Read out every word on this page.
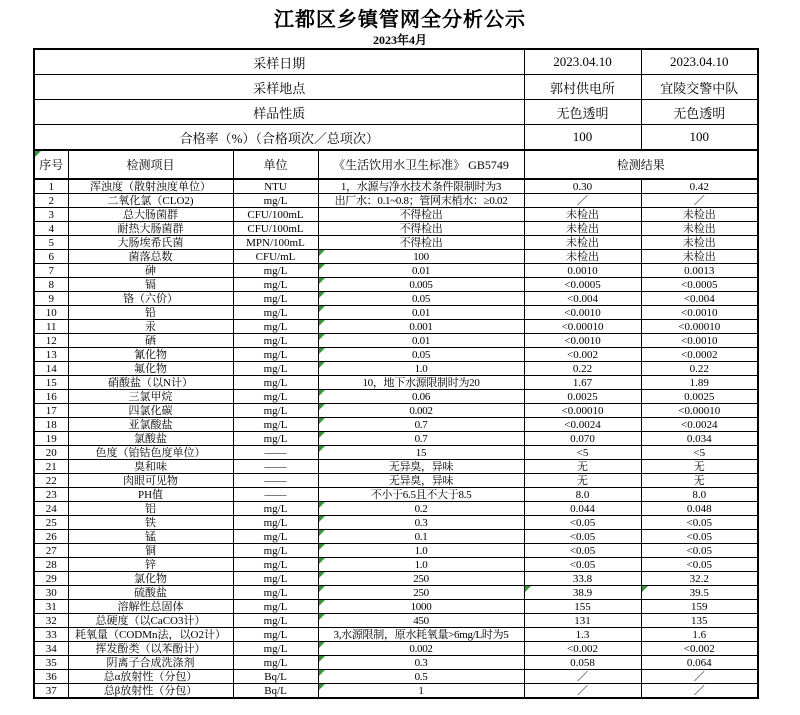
江都区乡镇管网全分析公示
2023年4月
采样日期				2023.04.10	2023.04.10
采样地点				郭村供电所	宜陵交警中队
样品性质				无色透明	无色透明
合格率（%）（合格项次／总项次）				100	100

序号	检测项目	单位	《生活饮用水卫生标准》 GB5749	检测结果	
1	浑浊度（散射浊度单位）	NTU	1，水源与净水技术条件限制时为3	0.30	0.42
2	二氧化氯（CLO2)	mg/L	出厂水：0.1~0.8；管网末梢水：≥0.02	／	／
3	总大肠菌群	CFU/100mL	不得检出	未检出	未检出
4	耐热大肠菌群	CFU/100mL	不得检出	未检出	未检出
5	大肠埃希氏菌	MPN/100mL	不得检出	未检出	未检出
6	菌落总数	CFU/mL	100	未检出	未检出
7	砷	mg/L	0.01	0.0010	0.0013
8	镉	mg/L	0.005	<0.0005	<0.0005
9	铬（六价）	mg/L	0.05	<0.004	<0.004
10	铅	mg/L	0.01	<0.0010	<0.0010
11	汞	mg/L	0.001	<0.00010	<0.00010
12	硒	mg/L	0.01	<0.0010	<0.0010
13	氰化物	mg/L	0.05	<0.002	<0.0002
14	氟化物	mg/L	1.0	0.22	0.22
15	硝酸盐（以N计）	mg/L	10，地下水源限制时为20	1.67	1.89
16	三氯甲烷	mg/L	0.06	0.0025	0.0025
17	四氯化碳	mg/L	0.002	<0.00010	<0.00010
18	亚氯酸盐	mg/L	0.7	<0.0024	<0.0024
19	氯酸盐	mg/L	0.7	0.070	0.034
20	色度（铂钴色度单位）	——	15	<5	<5
21	臭和味	——	无异臭，异味	无	无
22	肉眼可见物	——	无异臭，异味	无	无
23	PH值	——	不小于6.5且不大于8.5	8.0	8.0
24	铝	mg/L	0.2	0.044	0.048
25	铁	mg/L	0.3	<0.05	<0.05
26	锰	mg/L	0.1	<0.05	<0.05
27	铜	mg/L	1.0	<0.05	<0.05
28	锌	mg/L	1.0	<0.05	<0.05
29	氯化物	mg/L	250	33.8	32.2
30	硫酸盐	mg/L	250	38.9	39.5

31	溶解性总固体	mg/L	1000	155	159
32	总硬度（以CaCO3计）	mg/L	450	131	135
33	耗氧量（CODMn法，以O2计）	mg/L	3,水源限制，原水耗氧量>6mg/L时为5	1.3	1.6
34	挥发酚类（以苯酚计）	mg/L	0.002	<0.002	<0.002
35	阴离子合成洗涤剂	mg/L	0.3	0.058	0.064
36	总α放射性（分包）	Bq/L	0.5	／	／
37	总β放射性（分包）	Bq/L	1	／	／
